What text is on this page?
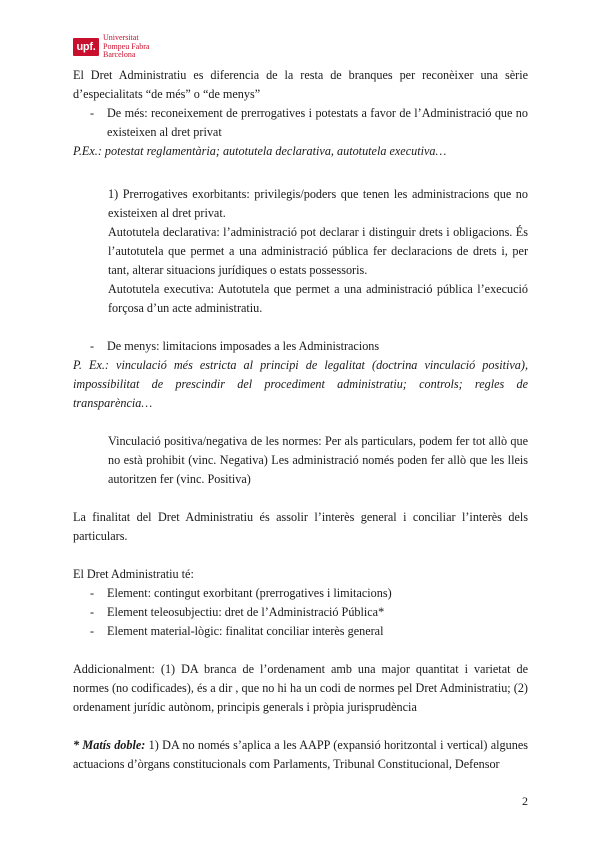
upf.
Universitat
Pompeu Fabra
Barcelona

El Dret Administratiu es diferencia de la resta de branques per reconèixer una sèrie d’especialitats “de més” o “de menys”

- De més: reconeixement de prerrogatives i potestats a favor de l’Administració que no existeixen al dret privat

P.Ex.: potestat reglamentària; autotutela declarativa, autotutela executiva…

1) Prerrogatives exorbitants: privilegis/poders que tenen les administracions que no existeixen al dret privat.
Autotutela declarativa: l’administració pot declarar i distinguir drets i obligacions. És l’autotutela que permet a una administració pública fer declaracions de drets i, per tant, alterar situacions jurídiques o estats possessoris.
Autotutela executiva: Autotutela que permet a una administració pública l’execució forçosa d’un acte administratiu.
- De menys: limitacions imposades a les Administracions

P. Ex.: vinculació més estricta al principi de legalitat (doctrina vinculació positiva), impossibilitat de prescindir del procediment administratiu; controls; regles de transparència…

Vinculació positiva/negativa de les normes: Per als particulars, podem fer tot allò que no està prohibit (vinc. Negativa) Les administració només poden fer allò que les lleis autoritzen fer (vinc. Positiva)

La finalitat del Dret Administratiu és assolir l’interès general i conciliar l’interès dels particulars.

El Dret Administratiu té:

- Element: contingut exorbitant (prerrogatives i limitacions)
- Element teleosubjectiu: dret de l’Administració Pública*
- Element material-lògic: finalitat conciliar interès general

Addicionalment: (1) DA branca de l’ordenament amb una major quantitat i varietat de normes (no codificades), és a dir , que no hi ha un codi de normes pel Dret Administratiu; (2) ordenament jurídic autònom, principis generals i pròpia jurisprudència

* Matís doble: 1) DA no només s’aplica a les AAPP (expansió horitzontal i vertical) algunes actuacions d’òrgans constitucionals com Parlaments, Tribunal Constitucional, Defensor

2
